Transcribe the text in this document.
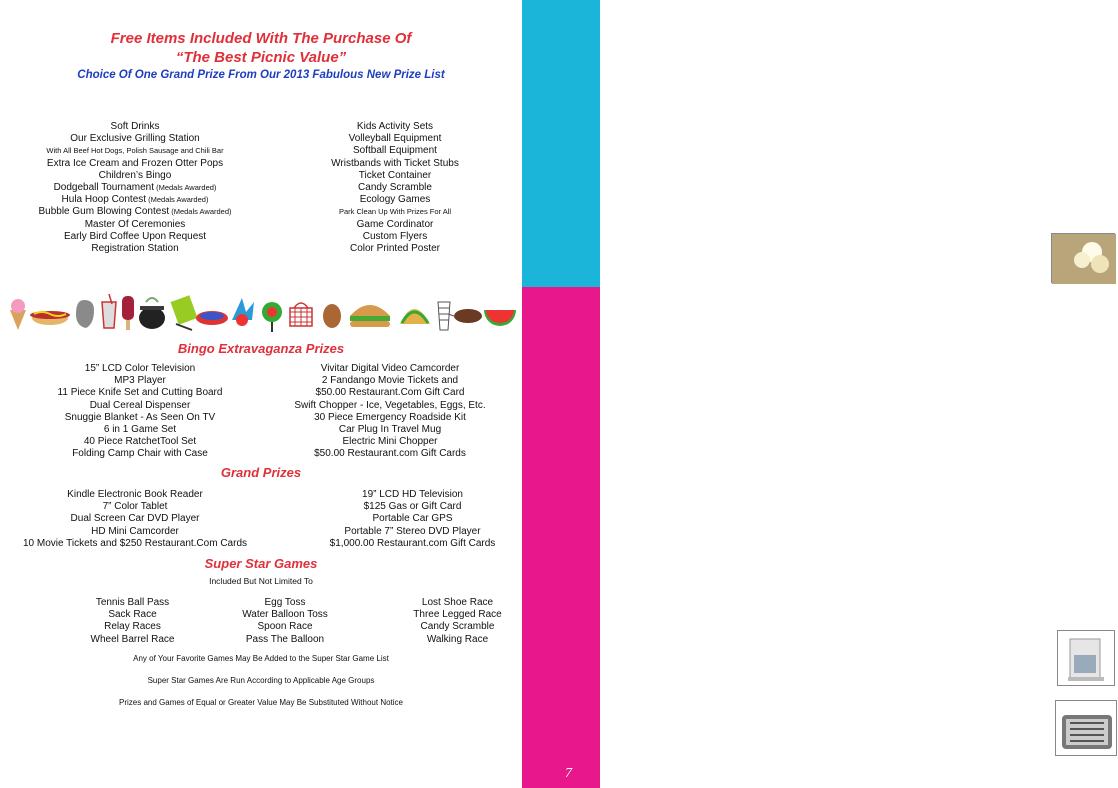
Free Items Included With The Purchase Of
“The Best Picnic Value”
Choice Of One Grand Prize From Our 2013 Fabulous New Prize List
Soft Drinks
Our Exclusive Grilling Station
With All Beef Hot Dogs, Polish Sausage and Chili Bar
Extra Ice Cream and Frozen Otter Pops
Children’s Bingo
Dodgeball Tournament (Medals Awarded)
Hula Hoop Contest (Medals Awarded)
Bubble Gum Blowing Contest (Medals Awarded)
Master Of Ceremonies
Early Bird Coffee Upon Request
Registration Station
Kids Activity Sets
Volleyball Equipment
Softball Equipment
Wristbands with Ticket Stubs
Ticket Container
Candy Scramble
Ecology Games
Park Clean Up With Prizes For All
Game Cordinator
Custom Flyers
Color Printed Poster
Bingo Extravaganza Prizes
15” LCD Color Television
MP3 Player
11 Piece Knife Set and Cutting Board
Dual Cereal Dispenser
Snuggie Blanket - As Seen On TV
6 in 1 Game Set
40 Piece RatchetTool Set
Folding Camp Chair with Case
Vivitar Digital Video Camcorder
2 Fandango Movie Tickets and
$50.00 Restaurant.Com Gift Card
Swift Chopper - Ice, Vegetables, Eggs, Etc.
30 Piece Emergency Roadside Kit
Car Plug In Travel Mug
Electric Mini Chopper
$50.00 Restaurant.com Gift Cards
Grand Prizes
Kindle Electronic Book Reader
7” Color Tablet
Dual Screen Car DVD Player
HD Mini Camcorder
10 Movie Tickets and $250 Restaurant.Com Cards
19” LCD HD Television
$125 Gas or Gift Card
Portable Car GPS
Portable 7” Stereo DVD Player
$1,000.00 Restaurant.com Gift Cards
Super Star Games
Included But Not Limited To
Tennis Ball Pass
Sack Race
Relay Races
Wheel Barrel Race
Egg Toss
Water Balloon Toss
Spoon Race
Pass The Balloon
Lost Shoe Race
Three Legged Race
Candy Scramble
Walking Race
Any of Your Favorite Games May Be Added to the Super Star Game List
Super Star Games Are Run According to Applicable Age Groups
Prizes and Games of Equal or Greater Value May Be Substituted Without Notice
Free Free
Games & Prizes
7
